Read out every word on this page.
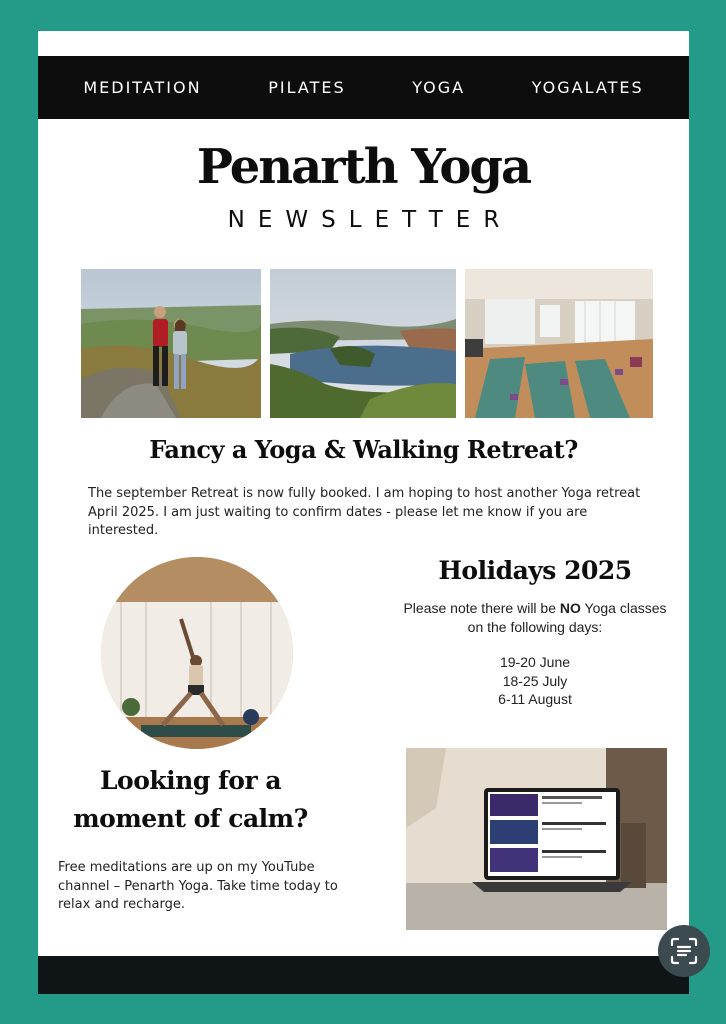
MEDITATION	PILATES	YOGA	YOGALATES
Penarth Yoga
NEWSLETTER
Fancy a Yoga & Walking Retreat?
The september Retreat is now fully booked. I am hoping to host another Yoga retreat April 2025. I am just waiting to confirm dates - please let me know if you are interested.
Holidays 2025
Please note there will be NO Yoga classes on the following days:
19-20 June
18-25 July
6-11 August
Looking for a
moment of calm?
Free meditations are up on my YouTube channel – Penarth Yoga. Take time today to relax and recharge.
